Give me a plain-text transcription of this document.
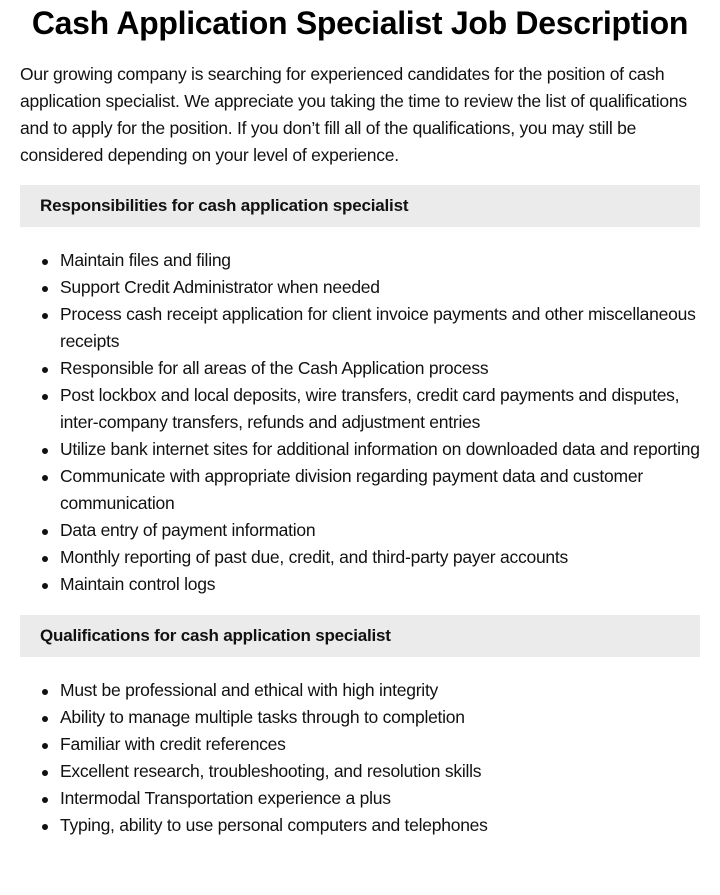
Cash Application Specialist Job Description

Our growing company is searching for experienced candidates for the position of cash application specialist. We appreciate you taking the time to review the list of qualifications and to apply for the position. If you don’t fill all of the qualifications, you may still be considered depending on your level of experience.

Responsibilities for cash application specialist
Maintain files and filing
Support Credit Administrator when needed
Process cash receipt application for client invoice payments and other miscellaneous receipts
Responsible for all areas of the Cash Application process
Post lockbox and local deposits, wire transfers, credit card payments and disputes, inter-company transfers, refunds and adjustment entries
Utilize bank internet sites for additional information on downloaded data and reporting
Communicate with appropriate division regarding payment data and customer communication
Data entry of payment information
Monthly reporting of past due, credit, and third-party payer accounts
Maintain control logs
Qualifications for cash application specialist
Must be professional and ethical with high integrity
Ability to manage multiple tasks through to completion
Familiar with credit references
Excellent research, troubleshooting, and resolution skills
Intermodal Transportation experience a plus
Typing, ability to use personal computers and telephones
